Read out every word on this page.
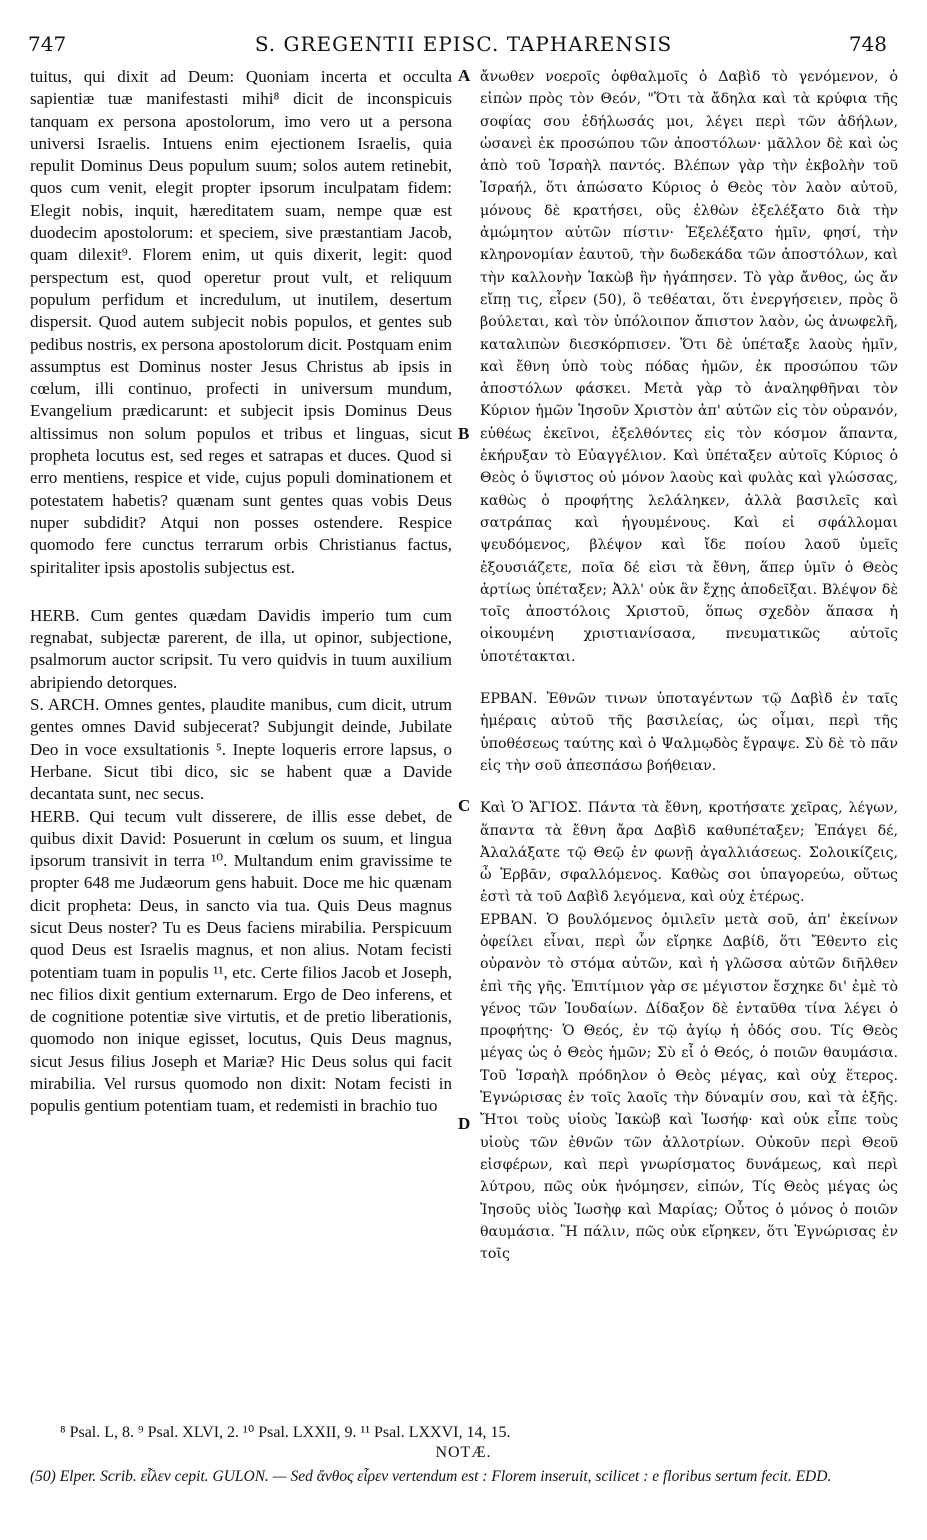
747	S. GREGENTII EPISC. TAPHARENSIS	748
A
B
C
D

tuitus, qui dixit ad Deum: Quoniam incerta et occulta sapientiæ tuæ manifestasti mihi⁸ dicit de inconspicuis tanquam ex persona apostolorum, imo vero ut a persona universi Israelis. Intuens enim ejectionem Israelis, quia repulit Dominus Deus populum suum; solos autem retinebit, quos cum venit, elegit propter ipsorum inculpatam fidem: Elegit nobis, inquit, hæreditatem suam, nempe quæ est duodecim apostolorum: et speciem, sive præstantiam Jacob, quam dilexit⁹. Florem enim, ut quis dixerit, legit: quod perspectum est, quod operetur prout vult, et reliquum populum perfidum et incredulum, ut inutilem, desertum dispersit. Quod autem subjecit nobis populos, et gentes sub pedibus nostris, ex persona apostolorum dicit. Postquam enim assumptus est Dominus noster Jesus Christus ab ipsis in cœlum, illi continuo, profecti in universum mundum, Evangelium prædicarunt: et subjecit ipsis Dominus Deus altissimus non solum populos et tribus et linguas, sicut propheta locutus est, sed reges et satrapas et duces. Quod si erro mentiens, respice et vide, cujus populi dominationem et potestatem habetis? quænam sunt gentes quas vobis Deus nuper subdidit? Atqui non posses ostendere. Respice quomodo fere cunctus terrarum orbis Christianus factus, spiritaliter ipsis apostolis subjectus est.

HERB. Cum gentes quædam Davidis imperio tum cum regnabat, subjectæ parerent, de illa, ut opinor, subjectione, psalmorum auctor scripsit. Tu vero quidvis in tuum auxilium abripiendo detorques.

S. ARCH. Omnes gentes, plaudite manibus, cum dicit, utrum gentes omnes David subjecerat? Subjungit deinde, Jubilate Deo in voce exsultationis ⁵. Inepte loqueris errore lapsus, o Herbane. Sicut tibi dico, sic se habent quæ a Davide decantata sunt, nec secus.

HERB. Qui tecum vult disserere, de illis esse debet, de quibus dixit David: Posuerunt in cœlum os suum, et lingua ipsorum transivit in terra ¹⁰. Multandum enim gravissime te propter 648 me Judæorum gens habuit. Doce me hic quænam dicit propheta: Deus, in sancto via tua. Quis Deus magnus sicut Deus noster? Tu es Deus faciens mirabilia. Perspicuum quod Deus est Israelis magnus, et non alius. Notam fecisti potentiam tuam in populis ¹¹, etc. Certe filios Jacob et Joseph, nec filios dixit gentium externarum. Ergo de Deo inferens, et de cognitione potentiæ sive virtutis, et de pretio liberationis, quomodo non inique egisset, locutus, Quis Deus magnus, sicut Jesus filius Joseph et Mariæ? Hic Deus solus qui facit mirabilia. Vel rursus quomodo non dixit: Notam fecisti in populis gentium potentiam tuam, et redemisti in brachio tuo

ἄνωθεν νοεροῖς ὀφθαλμοῖς ὁ Δαβὶδ τὸ γενόμενον, ὁ εἰπὼν πρὸς τὸν Θεόν, "Ὅτι τὰ ἄδηλα καὶ τὰ κρύφια τῆς σοφίας σου ἐδήλωσάς μοι, λέγει περὶ τῶν ἀδήλων, ὡσανεὶ ἐκ προσώπου τῶν ἀποστόλων· μᾶλλον δὲ καὶ ὡς ἀπὸ τοῦ Ἰσραὴλ παντός. Βλέπων γὰρ τὴν ἐκβολὴν τοῦ Ἰσραήλ, ὅτι ἀπώσατο Κύριος ὁ Θεὸς τὸν λαὸν αὐτοῦ, μόνους δὲ κρατήσει, οὓς ἐλθὼν ἐξελέξατο διὰ τὴν ἀμώμητον αὐτῶν πίστιν· Ἐξελέξατο ἡμῖν, φησί, τὴν κληρονομίαν ἑαυτοῦ, τὴν δωδεκάδα τῶν ἀποστόλων, καὶ τὴν καλλονὴν Ἰακὼβ ἣν ἠγάπησεν. Τὸ γὰρ ἄνθος, ὡς ἄν εἴπῃ τις, εἶρεν (50), ὃ τεθέαται, ὅτι ἐνεργήσειεν, πρὸς ὃ βούλεται, καὶ τὸν ὑπόλοιπον ἄπιστον λαὸν, ὡς ἀνωφελῆ, καταλιπὼν διεσκόρπισεν. Ὅτι δὲ ὑπέταξε λαοὺς ἡμῖν, καὶ ἔθνη ὑπὸ τοὺς πόδας ἡμῶν, ἐκ προσώπου τῶν ἀποστόλων φάσκει. Μετὰ γὰρ τὸ ἀναληφθῆναι τὸν Κύριον ἡμῶν Ἰησοῦν Χριστὸν ἀπ' αὐτῶν εἰς τὸν οὐρανόν, εὐθέως ἐκεῖνοι, ἐξελθόντες εἰς τὸν κόσμον ἅπαντα, ἐκήρυξαν τὸ Εὐαγγέλιον. Καὶ ὑπέταξεν αὐτοῖς Κύριος ὁ Θεὸς ὁ ὕψιστος οὐ μόνον λαοὺς καὶ φυλὰς καὶ γλώσσας, καθὼς ὁ προφήτης λελάληκεν, ἀλλὰ βασιλεῖς καὶ σατράπας καὶ ἡγουμένους. Καὶ εἰ σφάλλομαι ψευδόμενος, βλέψον καὶ ἴδε ποίου λαοῦ ὑμεῖς ἐξουσιάζετε, ποῖα δέ εἰσι τὰ ἔθνη, ἅπερ ὑμῖν ὁ Θεὸς ἀρτίως ὑπέταξεν; Ἀλλ' οὐκ ἂν ἔχῃς ἀποδεῖξαι. Βλέψον δὲ τοῖς ἀποστόλοις Χριστοῦ, ὅπως σχεδὸν ἅπασα ἡ οἰκουμένη χριστιανίσασα, πνευματικῶς αὐτοῖς ὑποτέτακται.

ΕΡΒΑΝ. Ἐθνῶν τινων ὑποταγέντων τῷ Δαβὶδ ἐν ταῖς ἡμέραις αὐτοῦ τῆς βασιλείας, ὡς οἶμαι, περὶ τῆς ὑποθέσεως ταύτης καὶ ὁ Ψαλμῳδὸς ἔγραψε. Σὺ δὲ τὸ πᾶν εἰς τὴν σοῦ ἀπεσπάσω βοήθειαν.

Καὶ Ὁ ἍΓΙΟΣ. Πάντα τὰ ἔθνη, κροτήσατε χεῖρας, λέγων, ἅπαντα τὰ ἔθνη ἄρα Δαβὶδ καθυπέταξεν; Ἐπάγει δέ, Ἀλαλάξατε τῷ Θεῷ ἐν φωνῇ ἀγαλλιάσεως. Σολοικίζεις, ὦ Ἑρβᾶν, σφαλλόμενος. Καθὼς σοι ὑπαγορεύω, οὕτως ἐστὶ τὰ τοῦ Δαβὶδ λεγόμενα, καὶ οὐχ ἑτέρως.

ΕΡΒΑΝ. Ὁ βουλόμενος ὁμιλεῖν μετὰ σοῦ, ἀπ' ἐκείνων ὀφείλει εἶναι, περὶ ὧν εἴρηκε Δαβίδ, ὅτι Ἔθεντο εἰς οὐρανὸν τὸ στόμα αὐτῶν, καὶ ἡ γλῶσσα αὐτῶν διῆλθεν ἐπὶ τῆς γῆς. Ἐπιτίμιον γὰρ σε μέγιστον ἔσχηκε δι' ἐμὲ τὸ γένος τῶν Ἰουδαίων. Δίδαξον δὲ ἐνταῦθα τίνα λέγει ὁ προφήτης· Ὁ Θεός, ἐν τῷ ἁγίῳ ἡ ὁδός σου. Τίς Θεὸς μέγας ὡς ὁ Θεὸς ἡμῶν; Σὺ εἶ ὁ Θεός, ὁ ποιῶν θαυμάσια. Τοῦ Ἰσραὴλ πρόδηλον ὁ Θεὸς μέγας, καὶ οὐχ ἕτερος. Ἐγνώρισας ἐν τοῖς λαοῖς τὴν δύναμίν σου, καὶ τὰ ἑξῆς. Ἤτοι τοὺς υἱοὺς Ἰακὼβ καὶ Ἰωσήφ· καὶ οὐκ εἶπε τοὺς υἱοὺς τῶν ἐθνῶν τῶν ἀλλοτρίων. Οὐκοῦν περὶ Θεοῦ εἰσφέρων, καὶ περὶ γνωρίσματος δυνάμεως, καὶ περὶ λύτρου, πῶς οὐκ ἠνόμησεν, εἰπών, Τίς Θεὸς μέγας ὡς Ἰησοῦς υἱὸς Ἰωσὴφ καὶ Μαρίας; Οὗτος ὁ μόνος ὁ ποιῶν θαυμάσια. Ἢ πάλιν, πῶς οὐκ εἴρηκεν, ὅτι Ἐγνώρισας ἐν τοῖς

⁸ Psal. L, 8. ⁹ Psal. XLVI, 2. ¹⁰ Psal. LXXII, 9. ¹¹ Psal. LXXVI, 14, 15.
NOTÆ.
(50) Elper. Scrib. εἷλεν cepit. GULON. — Sed ἄνθος εἶρεν vertendum est : Florem inseruit, scilicet : e floribus sertum fecit. EDD.
